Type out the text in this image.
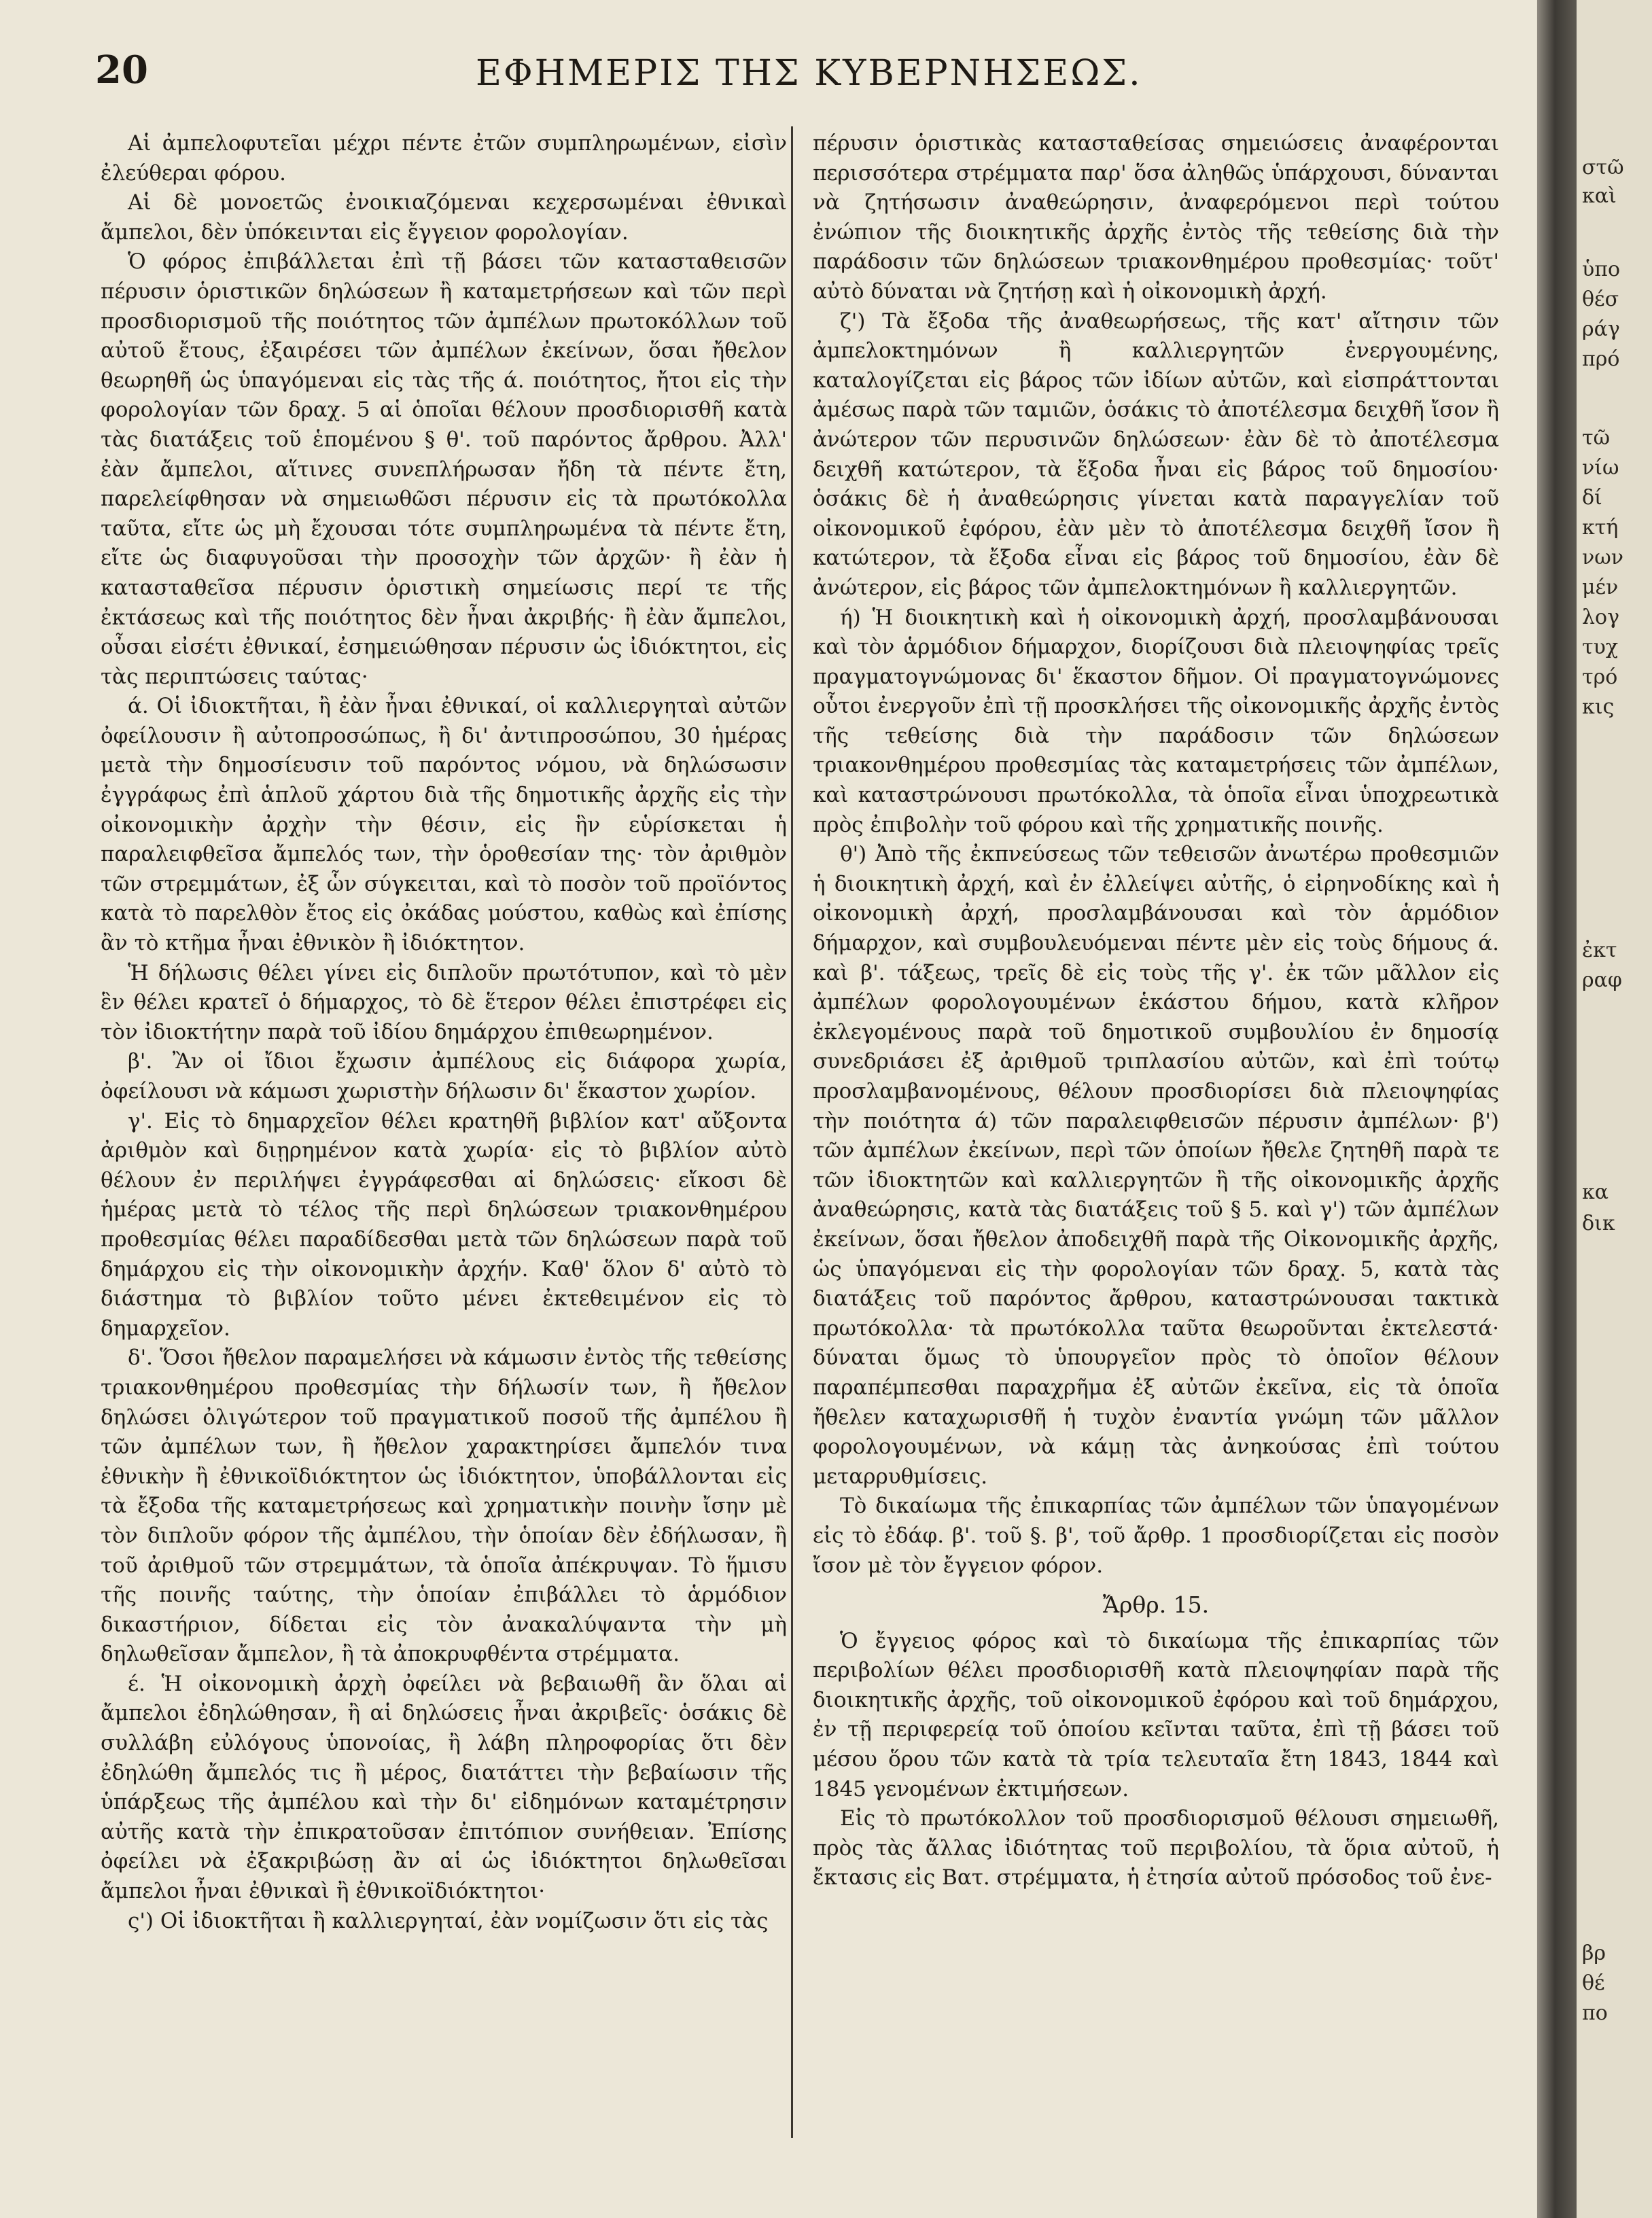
20	ΕΦΗΜΕΡΙΣ ΤΗΣ ΚΥΒΕΡΝΗΣΕΩΣ.

Αἱ ἀμπελοφυτεῖαι μέχρι πέντε ἐτῶν συμπληρωμένων, εἰσὶν ἐλεύθεραι φόρου.

Αἱ δὲ μονοετῶς ἐνοικιαζόμεναι κεχερσωμέναι ἐθνικαὶ ἄμπελοι, δὲν ὑπόκεινται εἰς ἔγγειον φορολογίαν.

Ὁ φόρος ἐπιβάλλεται ἐπὶ τῇ βάσει τῶν κατασταθεισῶν πέρυσιν ὁριστικῶν δηλώσεων ἢ καταμετρήσεων καὶ τῶν περὶ προσδιορισμοῦ τῆς ποιότητος τῶν ἀμπέλων πρωτοκόλλων τοῦ αὐτοῦ ἔτους, ἐξαιρέσει τῶν ἀμπέλων ἐκείνων, ὅσαι ἤθελον θεωρηθῆ ὡς ὑπαγόμεναι εἰς τὰς τῆς ά. ποιότητος, ἤτοι εἰς τὴν φορολογίαν τῶν δραχ. 5 αἱ ὁποῖαι θέλουν προσδιορισθῆ κατὰ τὰς διατάξεις τοῦ ἑπομένου § θ'. τοῦ παρόντος ἄρθρου. Ἀλλ' ἐὰν ἄμπελοι, αἵτινες συνεπλήρωσαν ἤδη τὰ πέντε ἔτη, παρελείφθησαν νὰ σημειωθῶσι πέρυσιν εἰς τὰ πρωτόκολλα ταῦτα, εἴτε ὡς μὴ ἔχουσαι τότε συμπληρωμένα τὰ πέντε ἔτη, εἴτε ὡς διαφυγοῦσαι τὴν προσοχὴν τῶν ἀρχῶν· ἢ ἐὰν ἡ κατασταθεῖσα πέρυσιν ὁριστικὴ σημείωσις περί τε τῆς ἐκτάσεως καὶ τῆς ποιότητος δὲν ἦναι ἀκριβής· ἢ ἐὰν ἄμπελοι, οὖσαι εἰσέτι ἐθνικαί, ἐσημειώθησαν πέρυσιν ὡς ἰδιόκτητοι, εἰς τὰς περιπτώσεις ταύτας·

ά. Οἱ ἰδιοκτῆται, ἢ ἐὰν ἦναι ἐθνικαί, οἱ καλλιεργηταὶ αὐτῶν ὀφείλουσιν ἢ αὐτοπροσώπως, ἢ δι' ἀντιπροσώπου, 30 ἡμέρας μετὰ τὴν δημοσίευσιν τοῦ παρόντος νόμου, νὰ δηλώσωσιν ἐγγράφως ἐπὶ ἁπλοῦ χάρτου διὰ τῆς δημοτικῆς ἀρχῆς εἰς τὴν οἰκονομικὴν ἀρχὴν τὴν θέσιν, εἰς ἣν εὑρίσκεται ἡ παραλειφθεῖσα ἄμπελός των, τὴν ὁροθεσίαν της· τὸν ἀριθμὸν τῶν στρεμμάτων, ἐξ ὧν σύγκειται, καὶ τὸ ποσὸν τοῦ προϊόντος κατὰ τὸ παρελθὸν ἔτος εἰς ὀκάδας μούστου, καθὼς καὶ ἐπίσης ἂν τὸ κτῆμα ἦναι ἐθνικὸν ἢ ἰδιόκτητον.

Ἡ δήλωσις θέλει γίνει εἰς διπλοῦν πρωτότυπον, καὶ τὸ μὲν ἓν θέλει κρατεῖ ὁ δήμαρχος, τὸ δὲ ἕτερον θέλει ἐπιστρέφει εἰς τὸν ἰδιοκτήτην παρὰ τοῦ ἰδίου δημάρχου ἐπιθεωρημένον.

β'. Ἂν οἱ ἴδιοι ἔχωσιν ἀμπέλους εἰς διάφορα χωρία, ὀφείλουσι νὰ κάμωσι χωριστὴν δήλωσιν δι' ἕκαστον χωρίον.

γ'. Εἰς τὸ δημαρχεῖον θέλει κρατηθῆ βιβλίον κατ' αὔξοντα ἀριθμὸν καὶ διῃρημένον κατὰ χωρία· εἰς τὸ βιβλίον αὐτὸ θέλουν ἐν περιλήψει ἐγγράφεσθαι αἱ δηλώσεις· εἴκοσι δὲ ἡμέρας μετὰ τὸ τέλος τῆς περὶ δηλώσεων τριακονθημέρου προθεσμίας θέλει παραδίδεσθαι μετὰ τῶν δηλώσεων παρὰ τοῦ δημάρχου εἰς τὴν οἰκονομικὴν ἀρχήν. Καθ' ὅλον δ' αὐτὸ τὸ διάστημα τὸ βιβλίον τοῦτο μένει ἐκτεθειμένον εἰς τὸ δημαρχεῖον.

δ'. Ὅσοι ἤθελον παραμελήσει νὰ κάμωσιν ἐντὸς τῆς τεθείσης τριακονθημέρου προθεσμίας τὴν δήλωσίν των, ἢ ἤθελον δηλώσει ὀλιγώτερον τοῦ πραγματικοῦ ποσοῦ τῆς ἀμπέλου ἢ τῶν ἀμπέλων των, ἢ ἤθελον χαρακτηρίσει ἄμπελόν τινα ἐθνικὴν ἢ ἐθνικοϊδιόκτητον ὡς ἰδιόκτητον, ὑποβάλλονται εἰς τὰ ἔξοδα τῆς καταμετρήσεως καὶ χρηματικὴν ποινὴν ἴσην μὲ τὸν διπλοῦν φόρον τῆς ἀμπέλου, τὴν ὁποίαν δὲν ἐδήλωσαν, ἢ τοῦ ἀριθμοῦ τῶν στρεμμάτων, τὰ ὁποῖα ἀπέκρυψαν. Τὸ ἥμισυ τῆς ποινῆς ταύτης, τὴν ὁποίαν ἐπιβάλλει τὸ ἁρμόδιον δικαστήριον, δίδεται εἰς τὸν ἀνακαλύψαντα τὴν μὴ δηλωθεῖσαν ἄμπελον, ἢ τὰ ἀποκρυφθέντα στρέμματα.

έ. Ἡ οἰκονομικὴ ἀρχὴ ὀφείλει νὰ βεβαιωθῆ ἂν ὅλαι αἱ ἄμπελοι ἐδηλώθησαν, ἢ αἱ δηλώσεις ἦναι ἀκριβεῖς· ὁσάκις δὲ συλλάβη εὐλόγους ὑπονοίας, ἢ λάβη πληροφορίας ὅτι δὲν ἐδηλώθη ἄμπελός τις ἢ μέρος, διατάττει τὴν βεβαίωσιν τῆς ὑπάρξεως τῆς ἀμπέλου καὶ τὴν δι' εἰδημόνων καταμέτρησιν αὐτῆς κατὰ τὴν ἐπικρατοῦσαν ἐπιτόπιον συνήθειαν. Ἐπίσης ὀφείλει νὰ ἐξακριβώσῃ ἂν αἱ ὡς ἰδιόκτητοι δηλωθεῖσαι ἄμπελοι ἦναι ἐθνικαὶ ἢ ἐθνικοϊδιόκτητοι·

ς') Οἱ ἰδιοκτῆται ἢ καλλιεργηταί, ἐὰν νομίζωσιν ὅτι εἰς τὰς

πέρυσιν ὁριστικὰς κατασταθείσας σημειώσεις ἀναφέρονται περισσότερα στρέμματα παρ' ὅσα ἀληθῶς ὑπάρχουσι, δύνανται νὰ ζητήσωσιν ἀναθεώρησιν, ἀναφερόμενοι περὶ τούτου ἐνώπιον τῆς διοικητικῆς ἀρχῆς ἐντὸς τῆς τεθείσης διὰ τὴν παράδοσιν τῶν δηλώσεων τριακονθημέρου προθεσμίας· τοῦτ' αὐτὸ δύναται νὰ ζητήσῃ καὶ ἡ οἰκονομικὴ ἀρχή.

ζ') Τὰ ἔξοδα τῆς ἀναθεωρήσεως, τῆς κατ' αἴτησιν τῶν ἀμπελοκτημόνων ἢ καλλιεργητῶν ἐνεργουμένης, καταλογίζεται εἰς βάρος τῶν ἰδίων αὐτῶν, καὶ εἰσπράττονται ἀμέσως παρὰ τῶν ταμιῶν, ὁσάκις τὸ ἀποτέλεσμα δειχθῆ ἴσον ἢ ἀνώτερον τῶν περυσινῶν δηλώσεων· ἐὰν δὲ τὸ ἀποτέλεσμα δειχθῆ κατώτερον, τὰ ἔξοδα ἦναι εἰς βάρος τοῦ δημοσίου· ὁσάκις δὲ ἡ ἀναθεώρησις γίνεται κατὰ παραγγελίαν τοῦ οἰκονομικοῦ ἐφόρου, ἐὰν μὲν τὸ ἀποτέλεσμα δειχθῆ ἴσον ἢ κατώτερον, τὰ ἔξοδα εἶναι εἰς βάρος τοῦ δημοσίου, ἐὰν δὲ ἀνώτερον, εἰς βάρος τῶν ἀμπελοκτημόνων ἢ καλλιεργητῶν.

ή) Ἡ διοικητικὴ καὶ ἡ οἰκονομικὴ ἀρχή, προσλαμβάνουσαι καὶ τὸν ἁρμόδιον δήμαρχον, διορίζουσι διὰ πλειοψηφίας τρεῖς πραγματογνώμονας δι' ἕκαστον δῆμον. Οἱ πραγματογνώμονες οὗτοι ἐνεργοῦν ἐπὶ τῇ προσκλήσει τῆς οἰκονομικῆς ἀρχῆς ἐντὸς τῆς τεθείσης διὰ τὴν παράδοσιν τῶν δηλώσεων τριακονθημέρου προθεσμίας τὰς καταμετρήσεις τῶν ἀμπέλων, καὶ καταστρώνουσι πρωτόκολλα, τὰ ὁποῖα εἶναι ὑποχρεωτικὰ πρὸς ἐπιβολὴν τοῦ φόρου καὶ τῆς χρηματικῆς ποινῆς.

θ') Ἀπὸ τῆς ἐκπνεύσεως τῶν τεθεισῶν ἀνωτέρω προθεσμιῶν ἡ διοικητικὴ ἀρχή, καὶ ἐν ἐλλείψει αὐτῆς, ὁ εἰρηνοδίκης καὶ ἡ οἰκονομικὴ ἀρχή, προσλαμβάνουσαι καὶ τὸν ἁρμόδιον δήμαρχον, καὶ συμβουλευόμεναι πέντε μὲν εἰς τοὺς δήμους ά. καὶ β'. τάξεως, τρεῖς δὲ εἰς τοὺς τῆς γ'. ἐκ τῶν μᾶλλον εἰς ἀμπέλων φορολογουμένων ἑκάστου δήμου, κατὰ κλῆρον ἐκλεγομένους παρὰ τοῦ δημοτικοῦ συμβουλίου ἐν δημοσίᾳ συνεδριάσει ἐξ ἀριθμοῦ τριπλασίου αὐτῶν, καὶ ἐπὶ τούτῳ προσλαμβανομένους, θέλουν προσδιορίσει διὰ πλειοψηφίας τὴν ποιότητα ά) τῶν παραλειφθεισῶν πέρυσιν ἀμπέλων· β') τῶν ἀμπέλων ἐκείνων, περὶ τῶν ὁποίων ἤθελε ζητηθῆ παρὰ τε τῶν ἰδιοκτητῶν καὶ καλλιεργητῶν ἢ τῆς οἰκονομικῆς ἀρχῆς ἀναθεώρησις, κατὰ τὰς διατάξεις τοῦ § 5. καὶ γ') τῶν ἀμπέλων ἐκείνων, ὅσαι ἤθελον ἀποδειχθῆ παρὰ τῆς Οἰκονομικῆς ἀρχῆς, ὡς ὑπαγόμεναι εἰς τὴν φορολογίαν τῶν δραχ. 5, κατὰ τὰς διατάξεις τοῦ παρόντος ἄρθρου, καταστρώνουσαι τακτικὰ πρωτόκολλα· τὰ πρωτόκολλα ταῦτα θεωροῦνται ἐκτελεστά· δύναται ὅμως τὸ ὑπουργεῖον πρὸς τὸ ὁποῖον θέλουν παραπέμπεσθαι παραχρῆμα ἐξ αὐτῶν ἐκεῖνα, εἰς τὰ ὁποῖα ἤθελεν καταχωρισθῆ ἡ τυχὸν ἐναντία γνώμη τῶν μᾶλλον φορολογουμένων, νὰ κάμῃ τὰς ἀνηκούσας ἐπὶ τούτου μεταρρυθμίσεις.

Τὸ δικαίωμα τῆς ἐπικαρπίας τῶν ἀμπέλων τῶν ὑπαγομένων εἰς τὸ ἐδάφ. β'. τοῦ §. β', τοῦ ἄρθρ. 1 προσδιορίζεται εἰς ποσὸν ἴσον μὲ τὸν ἔγγειον φόρον.

Ἄρθρ. 15.

Ὁ ἔγγειος φόρος καὶ τὸ δικαίωμα τῆς ἐπικαρπίας τῶν περιβολίων θέλει προσδιορισθῆ κατὰ πλειοψηφίαν παρὰ τῆς διοικητικῆς ἀρχῆς, τοῦ οἰκονομικοῦ ἐφόρου καὶ τοῦ δημάρχου, ἐν τῇ περιφερείᾳ τοῦ ὁποίου κεῖνται ταῦτα, ἐπὶ τῇ βάσει τοῦ μέσου ὅρου τῶν κατὰ τὰ τρία τελευταῖα ἔτη 1843, 1844 καὶ 1845 γενομένων ἐκτιμήσεων.

Εἰς τὸ πρωτόκολλον τοῦ προσδιορισμοῦ θέλουσι σημειωθῆ, πρὸς τὰς ἄλλας ἰδιότητας τοῦ περιβολίου, τὰ ὅρια αὐτοῦ, ἡ ἔκτασις εἰς Βατ. στρέμματα, ἡ ἐτησία αὐτοῦ πρόσοδος τοῦ ἐνε-

στῶ
καὶ
ὑπο
θέσ
ράγ
πρό
τῶ
νίω
δί
κτή
νων
μέν
λογ
τυχ
τρό
κις
ἐκτ
ραφ
κα
δικ
βρ
θέ
πο
